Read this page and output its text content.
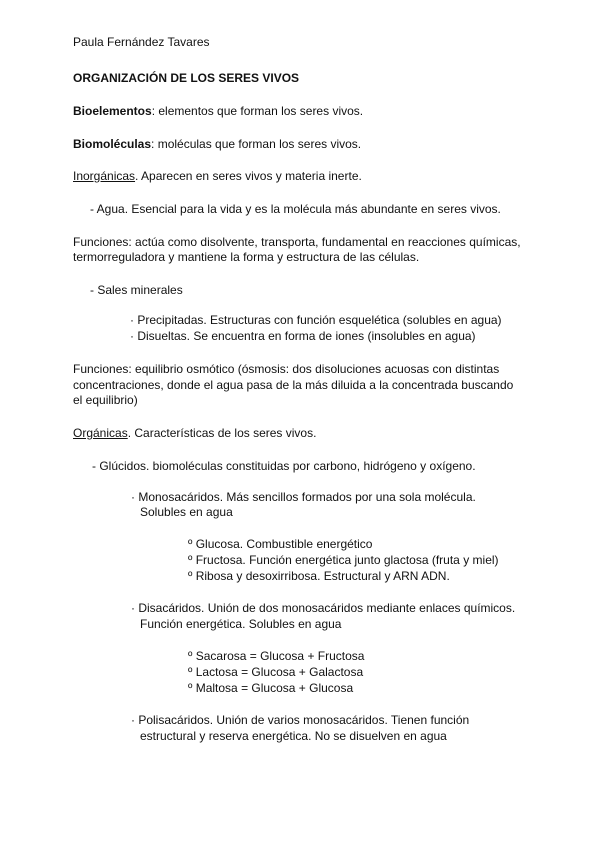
Paula Fernández Tavares
ORGANIZACIÓN DE LOS SERES VIVOS
Bioelementos: elementos que forman los seres vivos.
Biomoléculas: moléculas que forman los seres vivos.
Inorgánicas. Aparecen en seres vivos y materia inerte.
- Agua. Esencial para la vida y es la molécula más abundante en seres vivos.
Funciones: actúa como disolvente, transporta, fundamental en reacciones químicas,
termorreguladora y mantiene la forma y estructura de las células.
- Sales minerales
· Precipitadas. Estructuras con función esquelética (solubles en agua)
· Disueltas. Se encuentra en forma de iones (insolubles en agua)
Funciones: equilibrio osmótico (ósmosis: dos disoluciones acuosas con distintas
concentraciones, donde el agua pasa de la más diluida a la concentrada buscando
el equilibrio)
Orgánicas. Características de los seres vivos.
- Glúcidos. biomoléculas constituidas por carbono, hidrógeno y oxígeno.
· Monosacáridos. Más sencillos formados por una sola molécula.
Solubles en agua
º Glucosa. Combustible energético
º Fructosa. Función energética junto glactosa (fruta y miel)
º Ribosa y desoxirribosa. Estructural y ARN ADN.
· Disacáridos. Unión de dos monosacáridos mediante enlaces químicos.
Función energética. Solubles en agua
º Sacarosa = Glucosa + Fructosa
º Lactosa = Glucosa + Galactosa
º Maltosa = Glucosa + Glucosa
· Polisacáridos. Unión de varios monosacáridos. Tienen función
estructural y reserva energética. No se disuelven en agua
